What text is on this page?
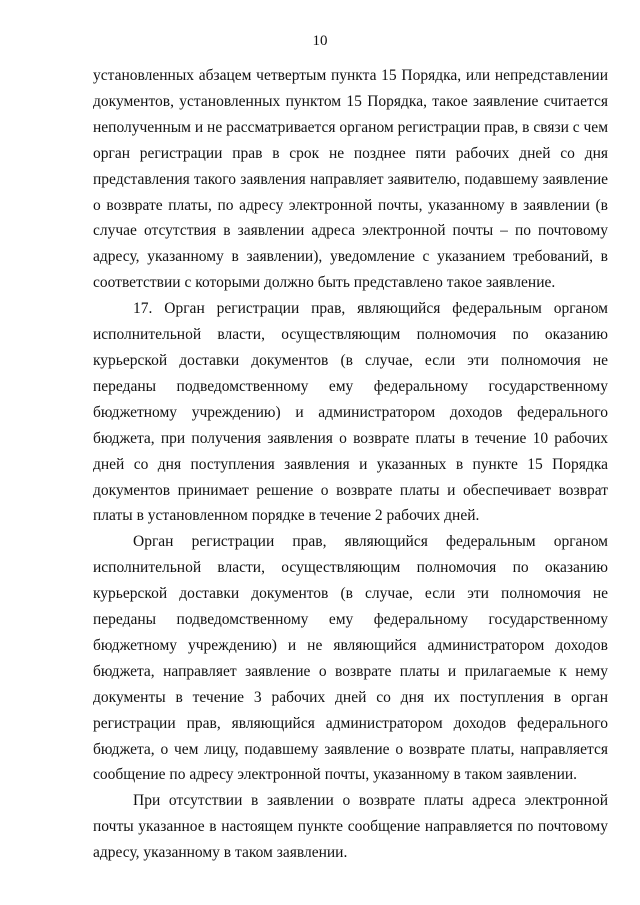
10

установленных абзацем четвертым пункта 15 Порядка, или непредставлении документов, установленных пунктом 15 Порядка, такое заявление считается неполученным и не рассматривается органом регистрации прав, в связи с чем орган регистрации прав в срок не позднее пяти рабочих дней со дня представления такого заявления направляет заявителю, подавшему заявление о возврате платы, по адресу электронной почты, указанному в заявлении (в случае отсутствия в заявлении адреса электронной почты – по почтовому адресу, указанному в заявлении), уведомление с указанием требований, в соответствии с которыми должно быть представлено такое заявление.

17. Орган регистрации прав, являющийся федеральным органом исполнительной власти, осуществляющим полномочия по оказанию курьерской доставки документов (в случае, если эти полномочия не переданы подведомственному ему федеральному государственному бюджетному учреждению) и администратором доходов федерального бюджета, при получения заявления о возврате платы в течение 10 рабочих дней со дня поступления заявления и указанных в пункте 15 Порядка документов принимает решение о возврате платы и обеспечивает возврат платы в установленном порядке в течение 2 рабочих дней.

Орган регистрации прав, являющийся федеральным органом исполнительной власти, осуществляющим полномочия по оказанию курьерской доставки документов (в случае, если эти полномочия не переданы подведомственному ему федеральному государственному бюджетному учреждению) и не являющийся администратором доходов бюджета, направляет заявление о возврате платы и прилагаемые к нему документы в течение 3 рабочих дней со дня их поступления в орган регистрации прав, являющийся администратором доходов федерального бюджета, о чем лицу, подавшему заявление о возврате платы, направляется сообщение по адресу электронной почты, указанному в таком заявлении.

При отсутствии в заявлении о возврате платы адреса электронной почты указанное в настоящем пункте сообщение направляется по почтовому адресу, указанному в таком заявлении.
